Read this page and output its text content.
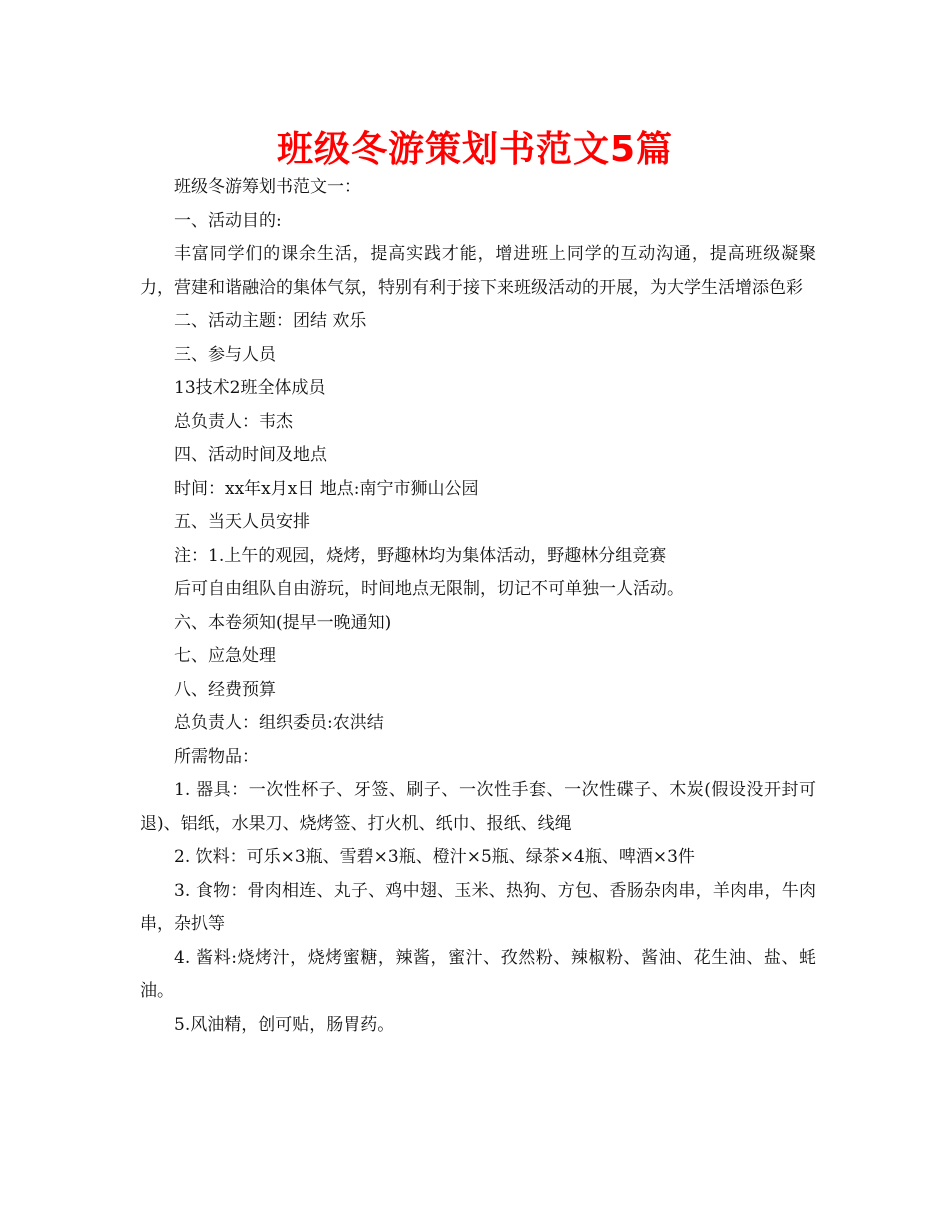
班级冬游策划书范文5篇

班级冬游筹划书范文一：

一、活动目的:

丰富同学们的课余生活，提高实践才能，增进班上同学的互动沟通，提高班级凝聚力，营建和谐融洽的集体气氛，特别有利于接下来班级活动的开展，为大学生活增添色彩

二、活动主题：团结 欢乐

三、参与人员

13技术2班全体成员

总负责人：韦杰

四、活动时间及地点

时间：xx年x月x日 地点:南宁市狮山公园

五、当天人员安排

注：1.上午的观园，烧烤，野趣林均为集体活动，野趣林分组竞赛

后可自由组队自由游玩，时间地点无限制，切记不可单独一人活动。

六、本卷须知(提早一晚通知)

七、应急处理

八、经费预算

总负责人：组织委员:农洪结

所需物品：

1. 器具：一次性杯子、牙签、刷子、一次性手套、一次性碟子、木炭(假设没开封可退)、铝纸，水果刀、烧烤签、打火机、纸巾、报纸、线绳

2. 饮料：可乐×3瓶、雪碧×3瓶、橙汁×5瓶、绿茶×4瓶、啤酒×3件

3. 食物：骨肉相连、丸子、鸡中翅、玉米、热狗、方包、香肠杂肉串，羊肉串，牛肉串，杂扒等

4. 酱料:烧烤汁，烧烤蜜糖，辣酱，蜜汁、孜然粉、辣椒粉、酱油、花生油、盐、蚝油。

5.风油精，创可贴，肠胃药。
